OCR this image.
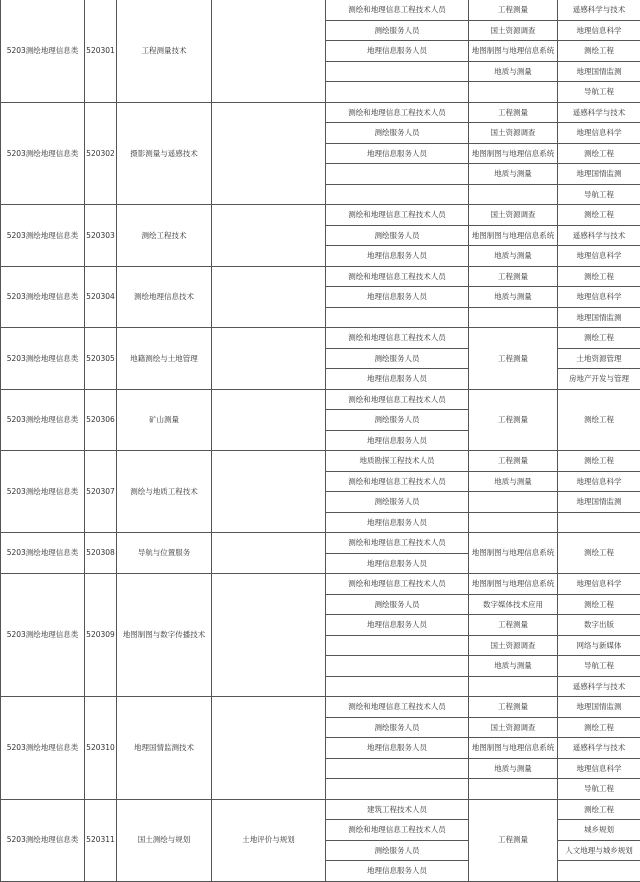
5203测绘地理信息类	520301	工程测量技术		测绘和地理信息工程技术人员	工程测量	遥感科学与技术
				测绘服务人员	国土资源调查	地理信息科学
				地理信息服务人员	地图制图与地理信息系统	测绘工程
					地质与测量	地理国情监测
						导航工程
5203测绘地理信息类	520302	摄影测量与遥感技术		测绘和地理信息工程技术人员	工程测量	遥感科学与技术
				测绘服务人员	国土资源调查	地理信息科学
				地理信息服务人员	地图制图与地理信息系统	测绘工程
					地质与测量	地理国情监测
						导航工程
5203测绘地理信息类	520303	测绘工程技术		测绘和地理信息工程技术人员	国土资源调查	测绘工程
				测绘服务人员	地图制图与地理信息系统	遥感科学与技术
				地理信息服务人员	地质与测量	地理信息科学
5203测绘地理信息类	520304	测绘地理信息技术		测绘和地理信息工程技术人员	工程测量	测绘工程
				地理信息服务人员	地质与测量	地理信息科学
						地理国情监测
5203测绘地理信息类	520305	地籍测绘与土地管理		测绘和地理信息工程技术人员	工程测量	测绘工程
				测绘服务人员		土地资源管理
				地理信息服务人员		房地产开发与管理
5203测绘地理信息类	520306	矿山测量		测绘和地理信息工程技术人员	工程测量	测绘工程
				测绘服务人员		
				地理信息服务人员		
5203测绘地理信息类	520307	测绘与地质工程技术		地质勘探工程技术人员	工程测量	测绘工程
				测绘和地理信息工程技术人员	地质与测量	地理信息科学
				测绘服务人员		地理国情监测
				地理信息服务人员		
5203测绘地理信息类	520308	导航与位置服务		测绘和地理信息工程技术人员	地图制图与地理信息系统	测绘工程
				地理信息服务人员		
5203测绘地理信息类	520309	地图制图与数字传播技术		测绘和地理信息工程技术人员	地图制图与地理信息系统	地理信息科学
				测绘服务人员	数字媒体技术应用	测绘工程
				地理信息服务人员	工程测量	数字出版
					国土资源调查	网络与新媒体
					地质与测量	导航工程
						遥感科学与技术
5203测绘地理信息类	520310	地理国情监测技术		测绘和地理信息工程技术人员	工程测量	地理国情监测
				测绘服务人员	国土资源调查	测绘工程
				地理信息服务人员	地图制图与地理信息系统	遥感科学与技术
					地质与测量	地理信息科学
						导航工程
5203测绘地理信息类	520311	国土测绘与规划	土地评价与规划	建筑工程技术人员	工程测量	测绘工程
				测绘和地理信息工程技术人员		城乡规划
				测绘服务人员		人文地理与城乡规划
				地理信息服务人员		
